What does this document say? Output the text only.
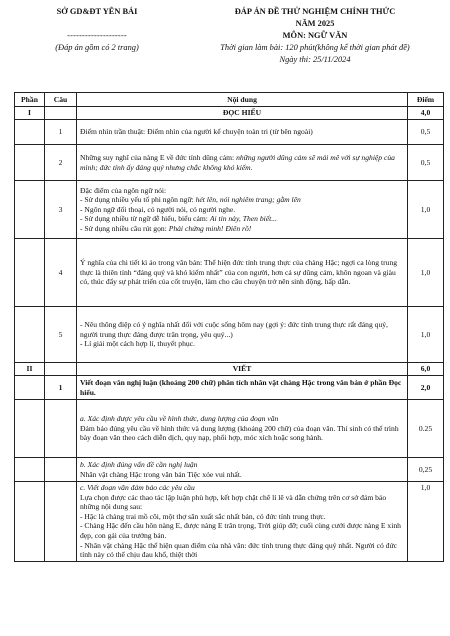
SỞ GD&ĐT YÊN BÁI
--------------------
(Đáp án gồm có 2 trang)
ĐÁP ÁN ĐỀ THỬ NGHIỆM CHÍNH THỨC
NĂM 2025
MÔN: NGỮ VĂN
Thời gian làm bài: 120 phút(không kể thời gian phát đề)
Ngày thi: 25/11/2024
Phần	Câu	Nội dung	Điểm
I		ĐỌC HIỂU	4,0
	1	Điểm nhìn trần thuật: Điểm nhìn của người kể chuyện toàn tri (từ bên ngoài)	0,5
	2	Những suy nghĩ của nàng E về đức tính dũng cảm: những người dũng cảm sẽ mải mê với sự nghiệp của mình; đức tính ấy đáng quý nhưng chắc không khó kiếm.	0,5
	3	Đặc điểm của ngôn ngữ nói:

- Sử dụng nhiều yếu tố phi ngôn ngữ: hét lên, nói nghiêm trang; gằm lên

- Ngôn ngữ đối thoại, có người nói, có người nghe.

- Sử dụng nhiều từ ngữ dễ hiểu, biểu cảm: Ai tin này, Then biết...

- Sử dụng nhiều câu rút gọn: Phải chứng minh! Điên rồ!	1,0
	4	Ý nghĩa của chi tiết kì ảo trong văn bản: Thể hiện đức tính trung thực của chàng Hặc; ngợi ca lòng trung thực là thiên tính “đáng quý và khó kiếm nhất” của con người, hơn cả sự dũng cảm, khôn ngoan và giàu có, thúc đẩy sự phát triển của cốt truyện, làm cho câu chuyện trở nên sinh động, hấp dẫn.	1,0
	5	- Nêu thông điệp có ý nghĩa nhất đối với cuộc sống hôm nay (gợi ý: đức tính trung thực rất đáng quý, người trung thực đáng được trân trọng, yêu quý...)

- Lí giải một cách hợp lí, thuyết phục.	1,0
II		VIẾT	6,0
	1	Viết đoạn văn nghị luận (khoảng 200 chữ) phân tích nhân vật chàng Hặc trong văn bản ở phần Đọc hiểu.	2,0

		a. Xác định được yêu cầu về hình thức, dung lượng của đoạn văn

Đảm bảo đúng yêu cầu về hình thức và dung lượng (khoảng 200 chữ) của đoạn văn. Thí sinh có thể trình bày đoạn văn theo cách diễn dịch, quy nạp, phối hợp, móc xích hoặc song hành.	0.25

		b. Xác định đúng vấn đề cần nghị luận

Nhân vật chàng Hặc trong văn bản Tiệc xóe vui nhất.	0,25

		c. Viết đoạn văn đảm bảo các yêu cầu

Lựa chọn được các thao tác lập luận phù hợp, kết hợp chặt chẽ lí lẽ và dẫn chứng trên cơ sở đảm bảo những nội dung sau:

- Hặc là chàng trai mồ côi, một thợ săn xuất sắc nhất bản, có đức tính trung thực.

- Chàng Hặc đến cầu hôn nàng E, được nàng E trân trọng, Trời giúp đỡ; cuối cùng cưới được nàng E xinh đẹp, con gái của trưởng bản.

- Nhân vật chàng Hặc thể hiện quan điểm của nhà văn: đức tính trung thực đáng quý nhất. Người có đức tính này có thể chịu đau khổ, thiệt thời	1,0
